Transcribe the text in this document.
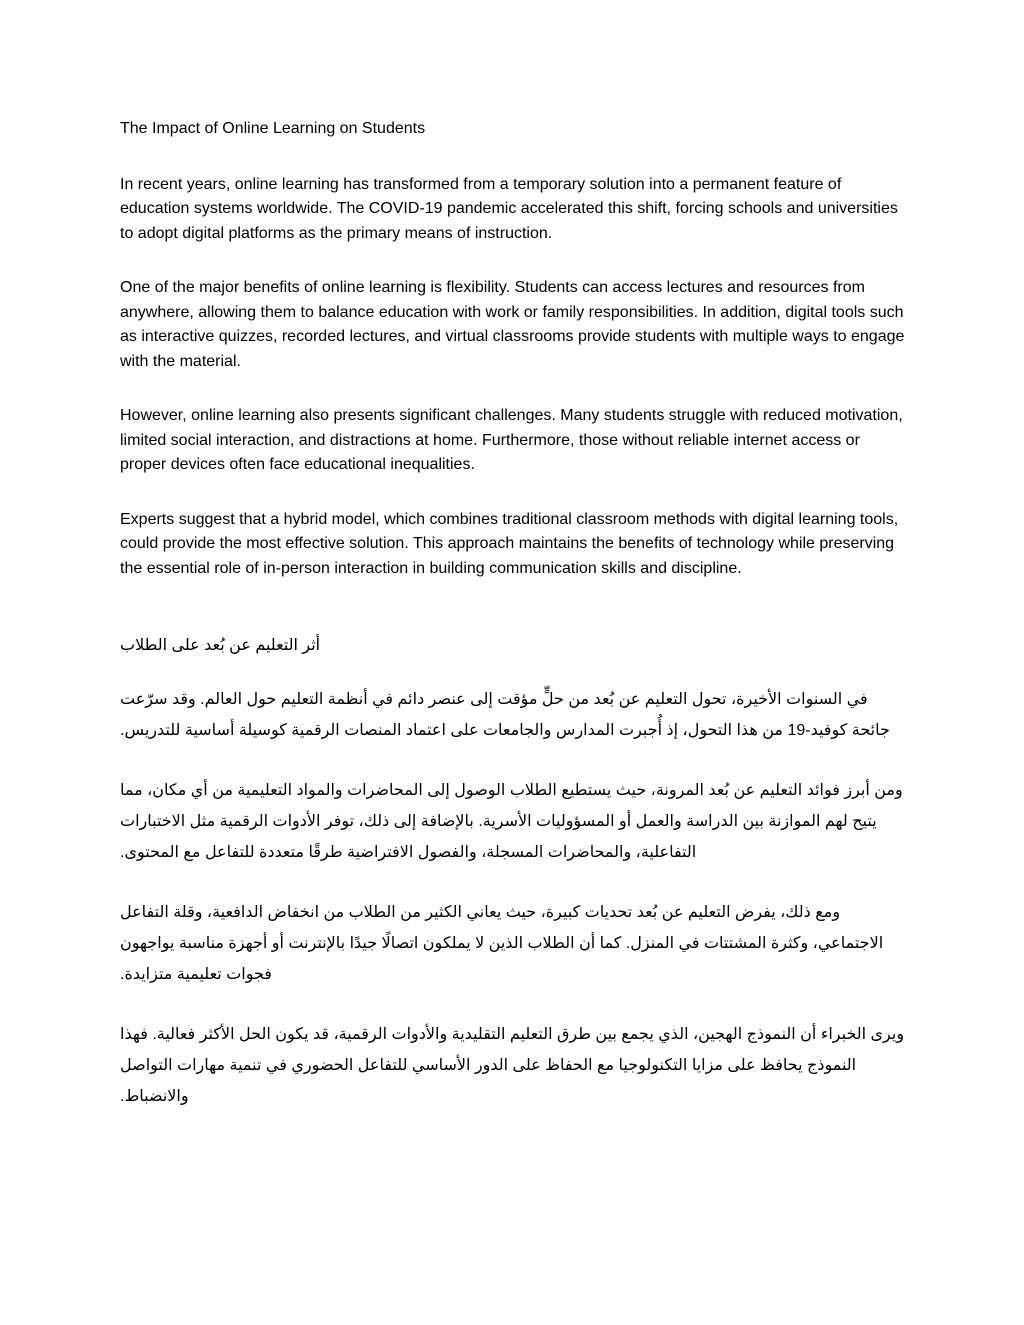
The Impact of Online Learning on Students

In recent years, online learning has transformed from a temporary solution into a permanent feature of education systems worldwide. The COVID-19 pandemic accelerated this shift, forcing schools and universities to adopt digital platforms as the primary means of instruction.

One of the major benefits of online learning is flexibility. Students can access lectures and resources from anywhere, allowing them to balance education with work or family responsibilities. In addition, digital tools such as interactive quizzes, recorded lectures, and virtual classrooms provide students with multiple ways to engage with the material.

However, online learning also presents significant challenges. Many students struggle with reduced motivation, limited social interaction, and distractions at home. Furthermore, those without reliable internet access or proper devices often face educational inequalities.

Experts suggest that a hybrid model, which combines traditional classroom methods with digital learning tools, could provide the most effective solution. This approach maintains the benefits of technology while preserving the essential role of in-person interaction in building communication skills and discipline.

أثر التعليم عن بُعد على الطلاب

في السنوات الأخيرة، تحول التعليم عن بُعد من حلٍّ مؤقت إلى عنصر دائم في أنظمة التعليم حول العالم. وقد سرّعت جائحة كوفيد-19 من هذا التحول، إذ أُجبرت المدارس والجامعات على اعتماد المنصات الرقمية كوسيلة أساسية للتدريس.

ومن أبرز فوائد التعليم عن بُعد المرونة، حيث يستطيع الطلاب الوصول إلى المحاضرات والمواد التعليمية من أي مكان، مما يتيح لهم الموازنة بين الدراسة والعمل أو المسؤوليات الأسرية. بالإضافة إلى ذلك، توفر الأدوات الرقمية مثل الاختبارات التفاعلية، والمحاضرات المسجلة، والفصول الافتراضية طرقًا متعددة للتفاعل مع المحتوى.

ومع ذلك، يفرض التعليم عن بُعد تحديات كبيرة، حيث يعاني الكثير من الطلاب من انخفاض الدافعية، وقلة التفاعل الاجتماعي، وكثرة المشتتات في المنزل. كما أن الطلاب الذين لا يملكون اتصالًا جيدًا بالإنترنت أو أجهزة مناسبة يواجهون فجوات تعليمية متزايدة.

ويرى الخبراء أن النموذج الهجين، الذي يجمع بين طرق التعليم التقليدية والأدوات الرقمية، قد يكون الحل الأكثر فعالية. فهذا النموذج يحافظ على مزايا التكنولوجيا مع الحفاظ على الدور الأساسي للتفاعل الحضوري في تنمية مهارات التواصل والانضباط.
